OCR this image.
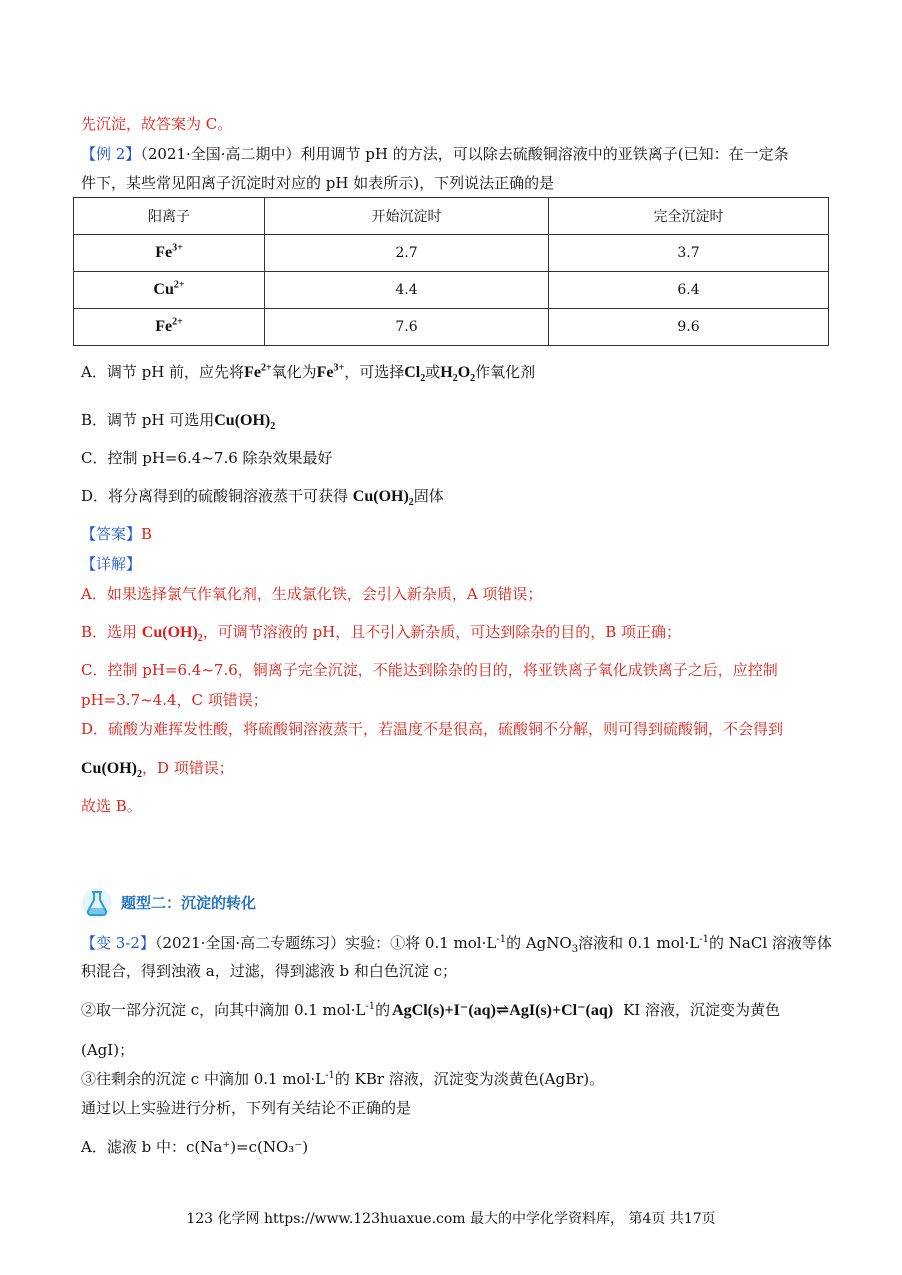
先沉淀，故答案为 C。
【例 2】（2021·全国·高二期中）利用调节 pH 的方法，可以除去硫酸铜溶液中的亚铁离子(已知：在一定条
件下，某些常见阳离子沉淀时对应的 pH 如表所示)，下列说法正确的是
阳离子	开始沉淀时	完全沉淀时
$Fe^{3+}$	2.7	3.7
$Cu^{2+}$	4.4	6.4
$Fe^{2+}$	7.6	9.6
A．调节 pH 前，应先将$Fe^{2+}$氧化为$Fe^{3+}$，可选择$Cl_2$或$H_2O_2$作氧化剂
B．调节 pH 可选用$Cu(OH)_2$
C．控制 pH=6.4~7.6 除杂效果最好
D．将分离得到的硫酸铜溶液蒸干可获得 $Cu(OH)_2$固体
【答案】B
【详解】
A．如果选择氯气作氧化剂，生成氯化铁，会引入新杂质，A 项错误；
B．选用 $Cu(OH)_2$，可调节溶液的 pH，且不引入新杂质，可达到除杂的目的，B 项正确；
C．控制 pH=6.4~7.6，铜离子完全沉淀，不能达到除杂的目的，将亚铁离子氧化成铁离子之后，应控制
pH=3.7~4.4，C 项错误；
D．硫酸为难挥发性酸，将硫酸铜溶液蒸干，若温度不是很高，硫酸铜不分解，则可得到硫酸铜，不会得到
$Cu(OH)_2$，D 项错误；
故选 B。
题型二：沉淀的转化
【变 3-2】（2021·全国·高二专题练习）实验：①将 0.1 $mol\cdot L^{-1}$的 AgNO$_3$溶液和 0.1 $mol\cdot L^{-1}$的 NaCl 溶液等体
积混合，得到浊液 a，过滤，得到滤液 b 和白色沉淀 c；
②取一部分沉淀 c，向其中滴加 0.1 $mol\cdot L^{-1}$的 AgCl(s)+I⁻(aq)⇌AgI(s)+Cl⁻(aq) KI 溶液，沉淀变为黄色
(AgI)；
③往剩余的沉淀 c 中滴加 0.1 $mol\cdot L^{-1}$的 KBr 溶液，沉淀变为淡黄色(AgBr)。
通过以上实验进行分析，下列有关结论不正确的是
A．滤液 b 中：c(Na⁺)=c(NO₃⁻)
123 化学网 https://www.123huaxue.com 最大的中学化学资料库， 第4页 共17页
